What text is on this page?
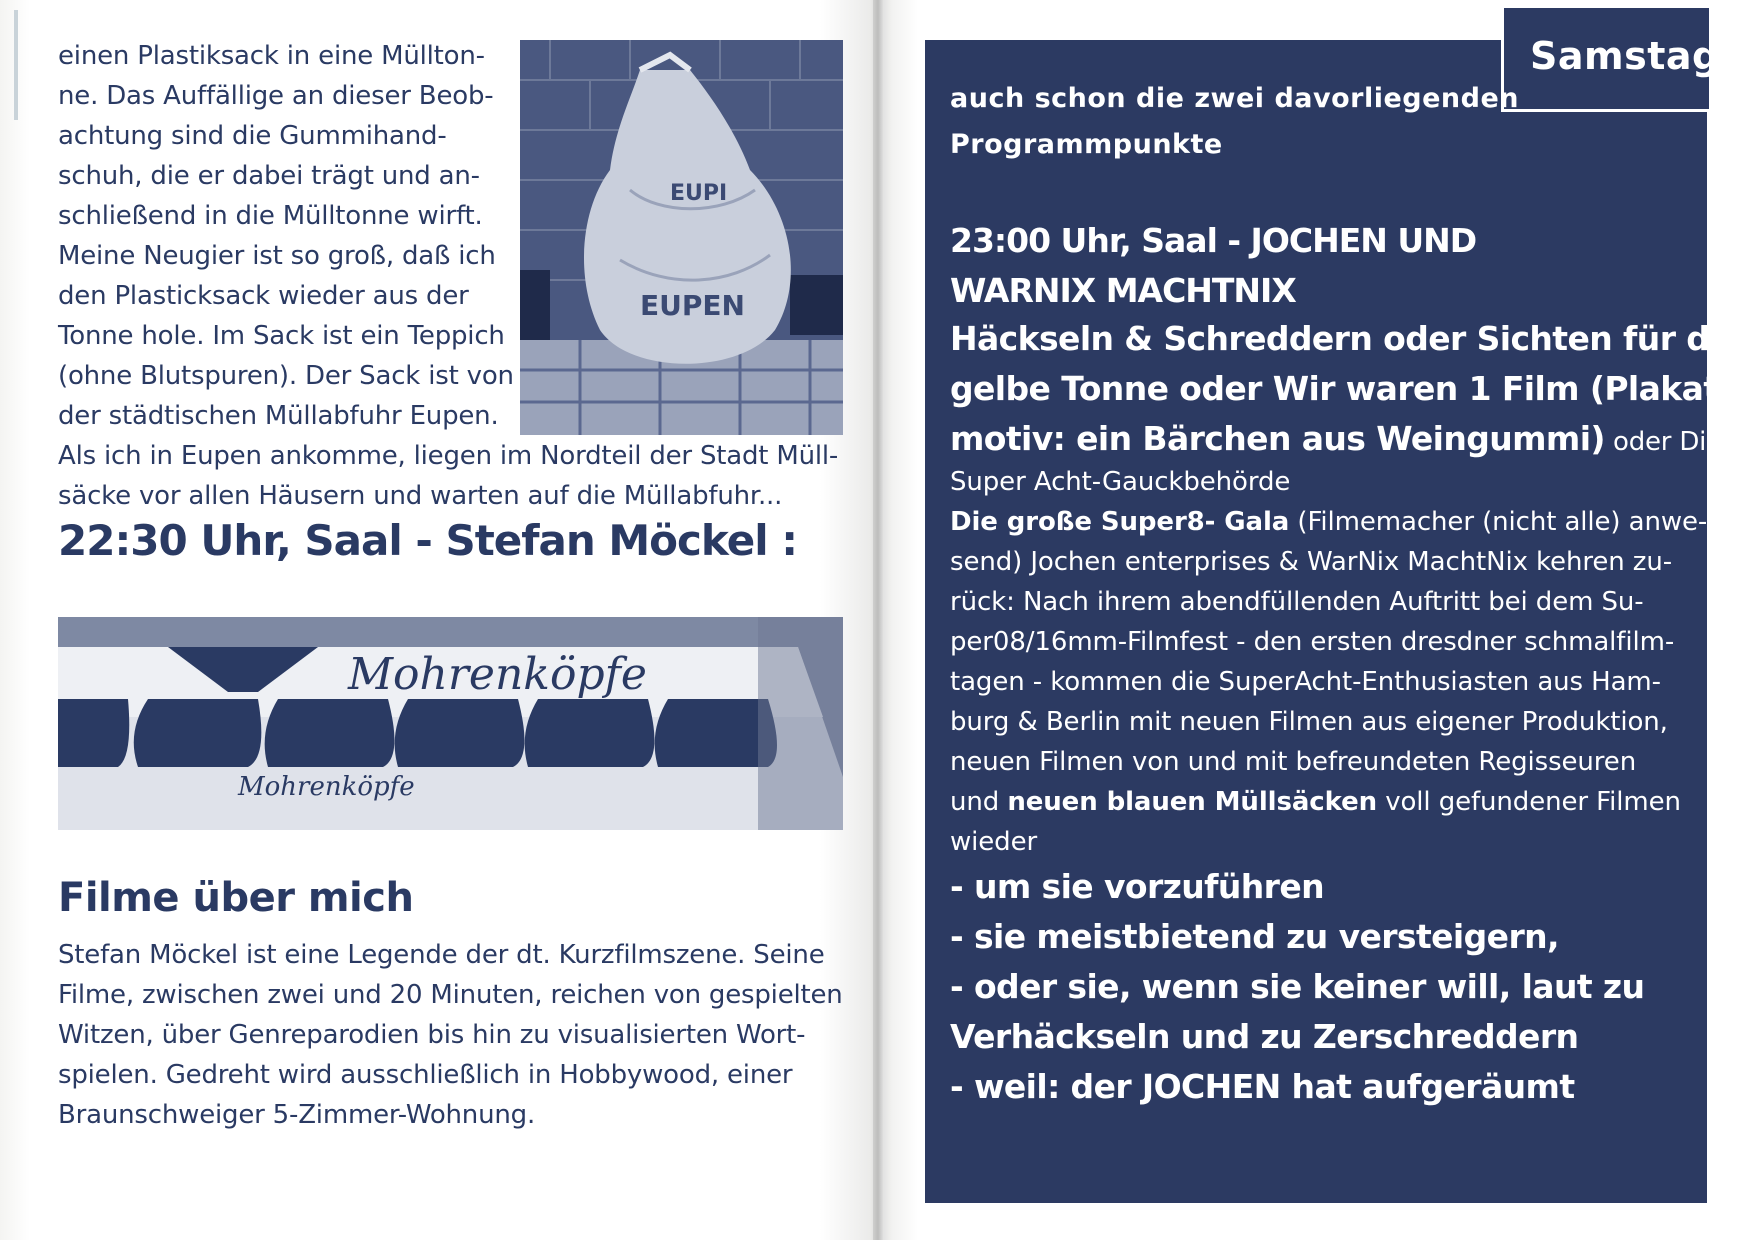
einen Plastiksack in eine Müllton-
ne. Das Auffällige an dieser Beob-
achtung sind die Gummihand-
schuh, die er dabei trägt und an-
schließend in die Mülltonne wirft.
Meine Neugier ist so groß, daß ich
den Plasticksack wieder aus der
Tonne hole. Im Sack ist ein Teppich
(ohne Blutspuren). Der Sack ist von
der städtischen Müllabfuhr Eupen.
EUPI
EUPEN
Als ich in Eupen ankomme, liegen im Nordteil der Stadt Müll-
säcke vor allen Häusern und warten auf die Müllabfuhr...
22:30 Uhr, Saal - Stefan Möckel :
Mohrenköpfe
Mohrenköpfe
Filme über mich
Stefan Möckel ist eine Legende der dt. Kurzfilmszene. Seine
Filme, zwischen zwei und 20 Minuten, reichen von gespielten
Witzen, über Genreparodien bis hin zu visualisierten Wort-
spielen. Gedreht wird ausschließlich in Hobbywood, einer
Braunschweiger 5-Zimmer-Wohnung.
Samstag
auch schon die zwei davorliegenden
Programmpunkte
23:00 Uhr, Saal - JOCHEN UND
WARNIX MACHTNIX
Häckseln & Schreddern oder Sichten für die
gelbe Tonne oder Wir waren 1 Film (Plakat-
motiv: ein Bärchen aus Weingummi) oder Die
Super Acht-Gauckbehörde
Die große Super8- Gala (Filmemacher (nicht alle) anwe-
send) Jochen enterprises & WarNix MachtNix kehren zu-
rück: Nach ihrem abendfüllenden Auftritt bei dem Su-
per08/16mm-Filmfest - den ersten dresdner schmalfilm-
tagen - kommen die SuperAcht-Enthusiasten aus Ham-
burg & Berlin mit neuen Filmen aus eigener Produktion,
neuen Filmen von und mit befreundeten Regisseuren
und neuen blauen Müllsäcken voll gefundener Filmen
wieder
- um sie vorzuführen
- sie meistbietend zu versteigern,
- oder sie, wenn sie keiner will, laut zu
Verhäckseln und zu Zerschreddern
- weil: der JOCHEN hat aufgeräumt
